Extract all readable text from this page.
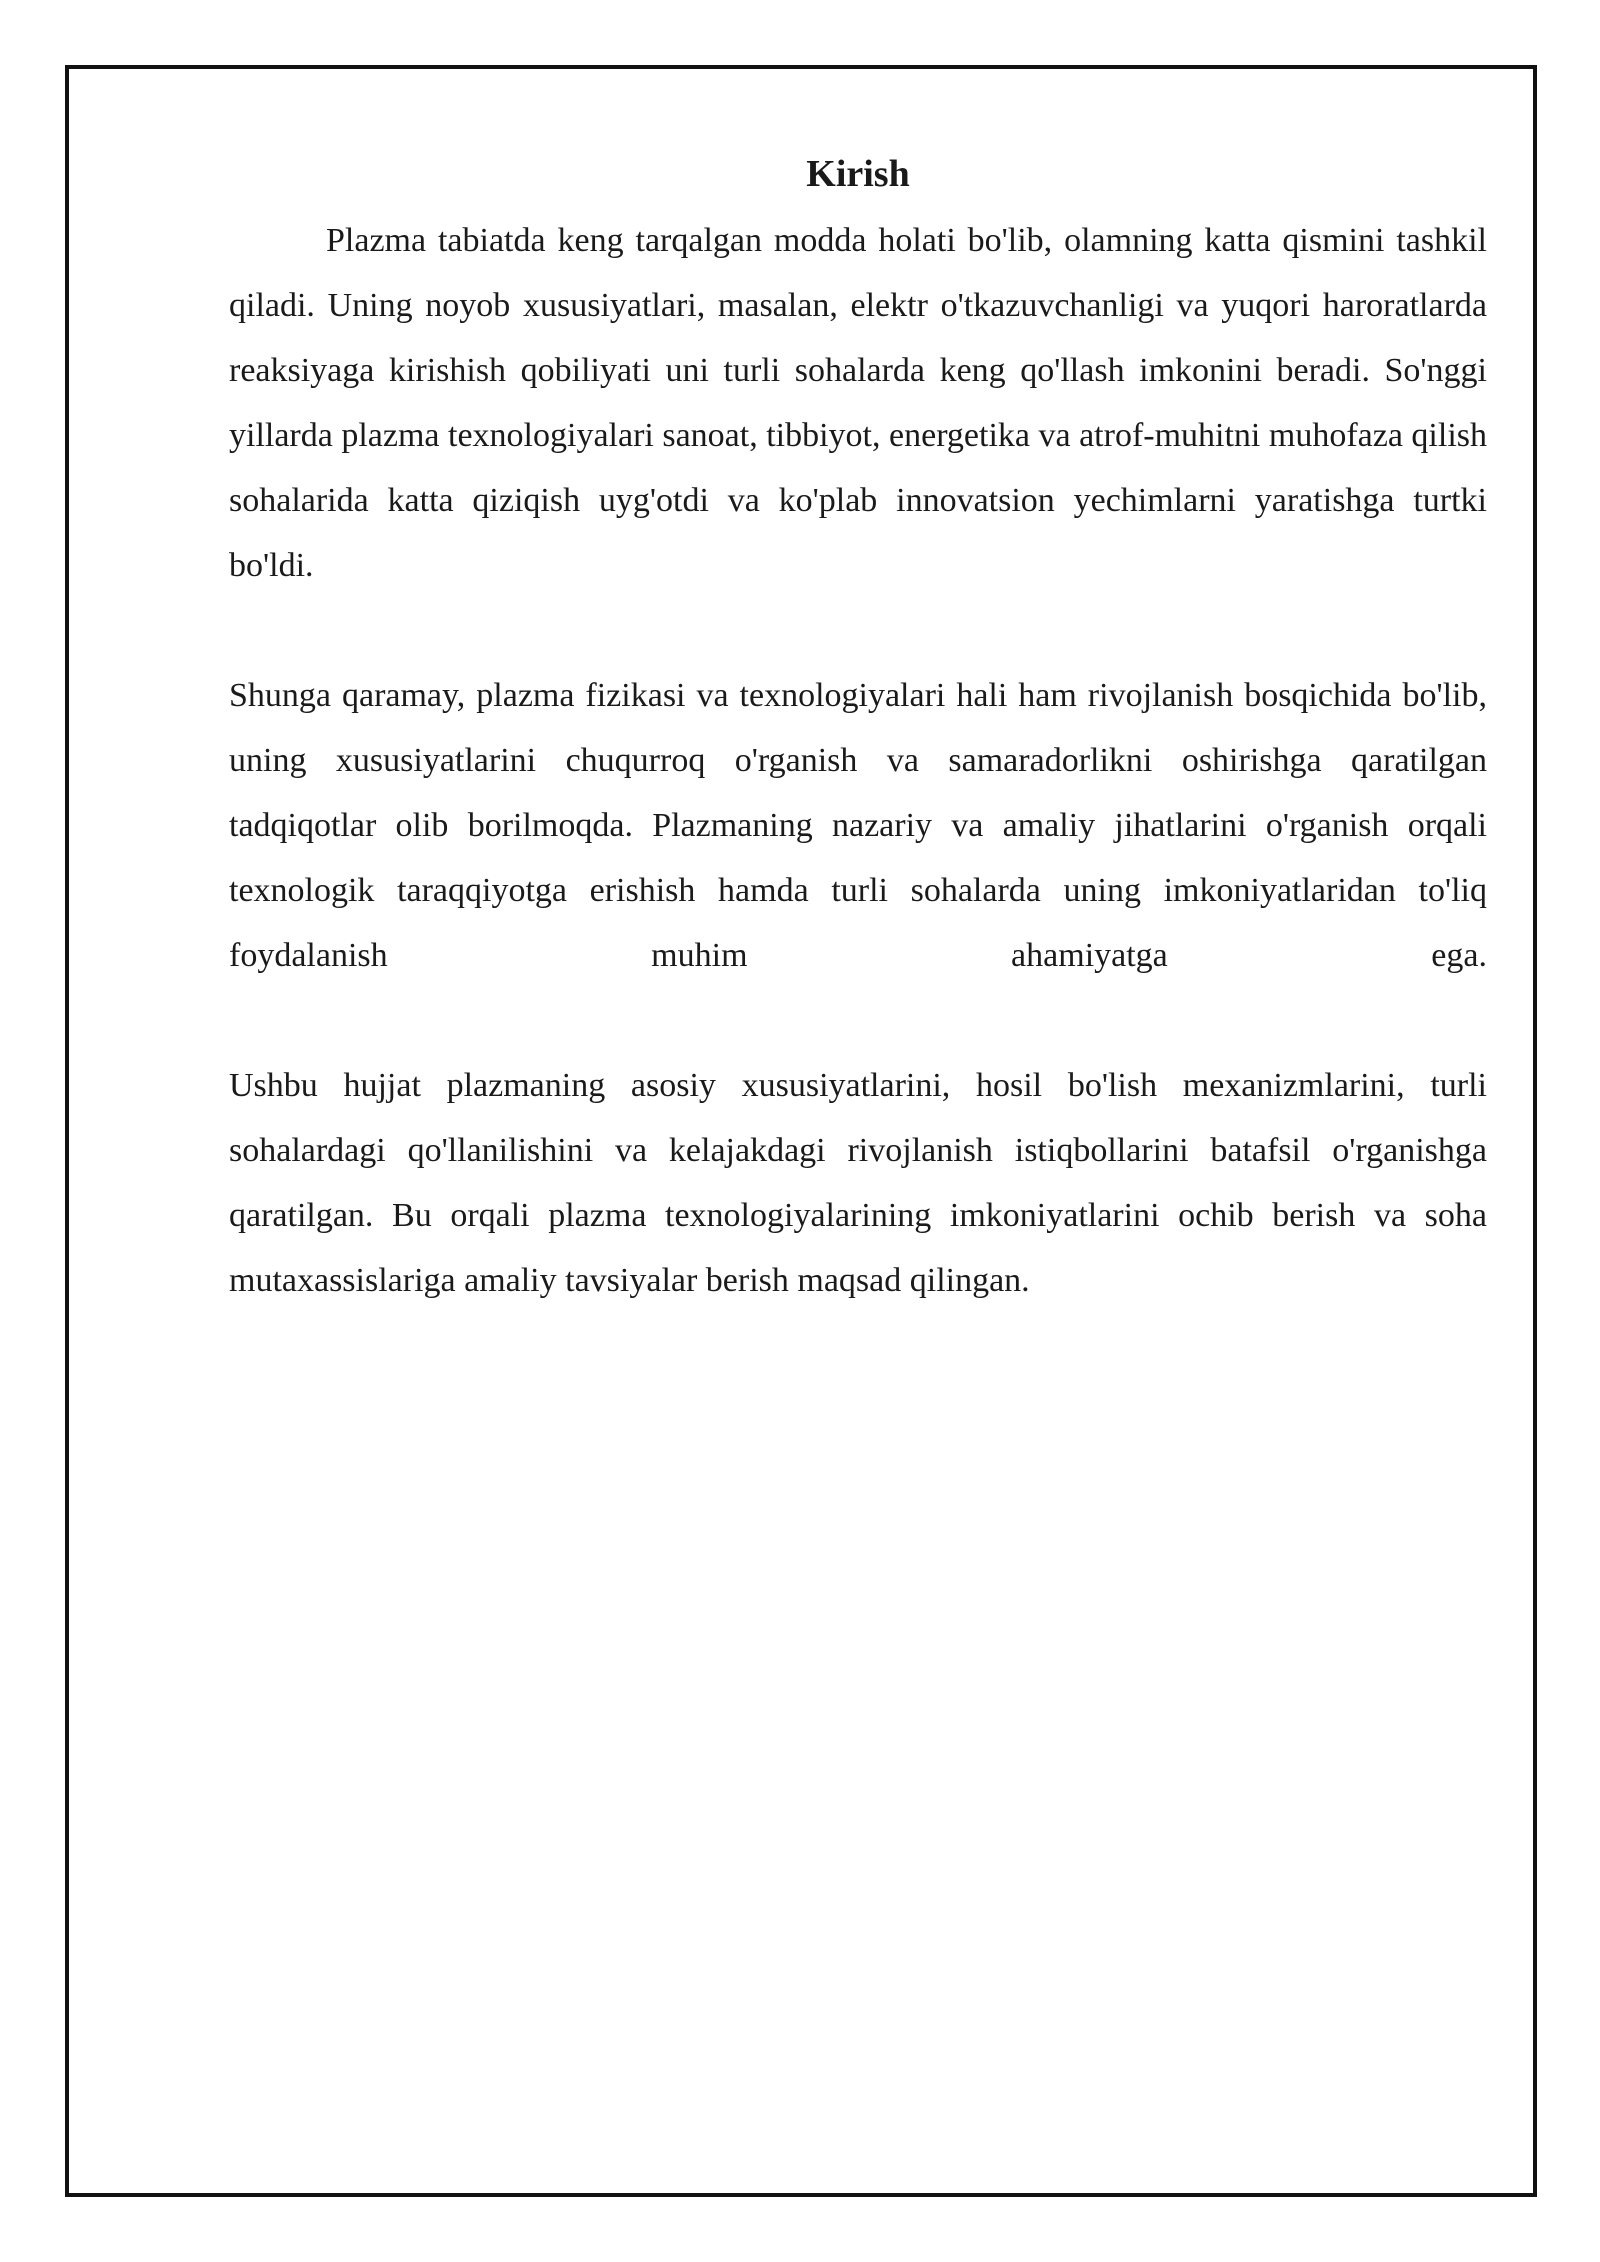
Kirish

Plazma tabiatda keng tarqalgan modda holati bo'lib, olamning katta qismini tashkil qiladi. Uning noyob xususiyatlari, masalan, elektr o'tkazuvchanligi va yuqori haroratlarda reaksiyaga kirishish qobiliyati uni turli sohalarda keng qo'llash imkonini beradi. So'nggi yillarda plazma texnologiyalari sanoat, tibbiyot, energetika va atrof-muhitni muhofaza qilish sohalarida katta qiziqish uyg'otdi va ko'plab innovatsion yechimlarni yaratishga turtki bo'ldi.

Shunga qaramay, plazma fizikasi va texnologiyalari hali ham rivojlanish bosqichida bo'lib, uning xususiyatlarini chuqurroq o'rganish va samaradorlikni oshirishga qaratilgan tadqiqotlar olib borilmoqda. Plazmaning nazariy va amaliy jihatlarini o'rganish orqali texnologik taraqqiyotga erishish hamda turli sohalarda uning imkoniyatlaridan to'liq foydalanish muhim ahamiyatga ega.

Ushbu hujjat plazmaning asosiy xususiyatlarini, hosil bo'lish mexanizmlarini, turli sohalardagi qo'llanilishini va kelajakdagi rivojlanish istiqbollarini batafsil o'rganishga qaratilgan. Bu orqali plazma texnologiyalarining imkoniyatlarini ochib berish va soha mutaxassislariga amaliy tavsiyalar berish maqsad qilingan.
